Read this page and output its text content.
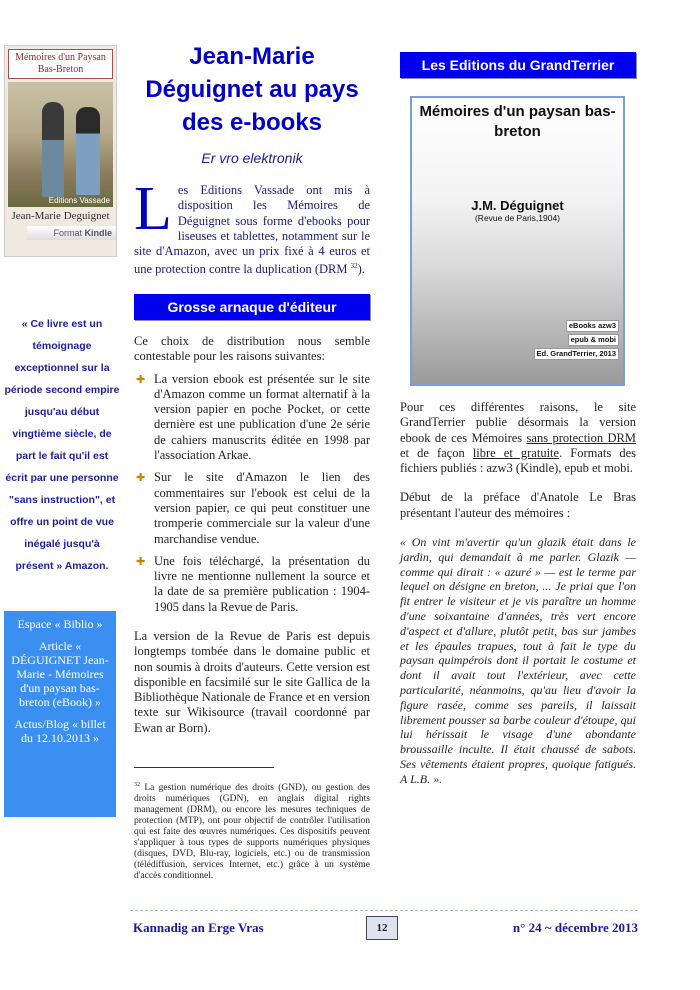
Mémoires d'un Paysan Bas-Breton
Editions Vassade
Jean-Marie Deguignet
Format Kindle
« Ce livre est un témoignage exceptionnel sur la période second empire jusqu'au début vingtième siècle, de part le fait qu'il est écrit par une personne "sans instruction", et offre un point de vue inégalé jusqu'à présent » Amazon.

Espace « Biblio »

Article « DÉGUIGNET Jean-Marie - Mémoires d'un paysan bas-breton (eBook) »

Actus/Blog « billet du 12.10.2013 »

Jean-Marie Déguignet au pays des e-books
Er vro elektronik
Les Editions Vassade ont mis à disposition les Mémoires de Déguignet sous forme d'ebooks pour liseuses et tablettes, notamment sur le site d'Amazon, avec un prix fixé à 4 euros et une protection contre la duplication (DRM $^{32}$).
Grosse arnaque d'éditeur
Ce choix de distribution nous semble contestable pour les raisons suivantes:
✚ La version ebook est présentée sur le site d'Amazon comme un format alternatif à la version papier en poche Pocket, or cette dernière est une publication d'une 2e série de cahiers manuscrits éditée en 1998 par l'association Arkae.
✚ Sur le site d'Amazon le lien des commentaires sur l'ebook est celui de la version papier, ce qui peut constituer une tromperie commerciale sur la valeur d'une marchandise vendue.
✚ Une fois téléchargé, la présentation du livre ne mentionne nullement la source et la date de sa première publication : 1904-1905 dans la Revue de Paris.
La version de la Revue de Paris est depuis longtemps tombée dans le domaine public et non soumis à droits d'auteurs. Cette version est disponible en facsimilé sur le site Gallica de la Bibliothèque Nationale de France et en version texte sur Wikisource (travail coordonné par Ewan ar Born).
$^{32}$ La gestion numérique des droits (GND), ou gestion des droits numériques (GDN), en anglais digital rights management (DRM), ou encore les mesures techniques de protection (MTP), ont pour objectif de contrôler l'utilisation qui est faite des œuvres numériques. Ces dispositifs peuvent s'appliquer à tous types de supports numériques physiques (disques, DVD, Blu-ray, logiciels, etc.) ou de transmission (télédiffusion, services Internet, etc.) grâce à un système d'accès conditionnel.
Les Editions du GrandTerrier
Mémoires d'un paysan bas-breton
J.M. Déguignet
(Revue de Paris,1904)
eBooks azw3
epub & mobi
Ed. GrandTerrier, 2013
Pour ces différentes raisons, le site GrandTerrier publie désormais la version ebook de ces Mémoires sans protection DRM et de façon libre et gratuite. Formats des fichiers publiés : azw3 (Kindle), epub et mobi.
Début de la préface d'Anatole Le Bras présentant l'auteur des mémoires :
« On vint m'avertir qu'un glazik était dans le jardin, qui demandait à me parler. Glazik — comme qui dirait : « azuré » — est le terme par lequel on désigne en breton, ... Je priai que l'on fit entrer le visiteur et je vis paraître un homme d'une soixantaine d'années, très vert encore d'aspect et d'allure, plutôt petit, bas sur jambes et les épaules trapues, tout à fait le type du paysan quimpérois dont il portait le costume et dont il avait tout l'extérieur, avec cette particularité, néanmoins, qu'au lieu d'avoir la figure rasée, comme ses pareils, il laissait librement pousser sa barbe couleur d'étoupe, qui lui hérissait le visage d'une abondante broussaille inculte. Il était chaussé de sabots. Ses vêtements étaient propres, quoique fatigués. A L.B. ».
Kannadig an Erge Vras	12	n° 24 ~ décembre 2013
